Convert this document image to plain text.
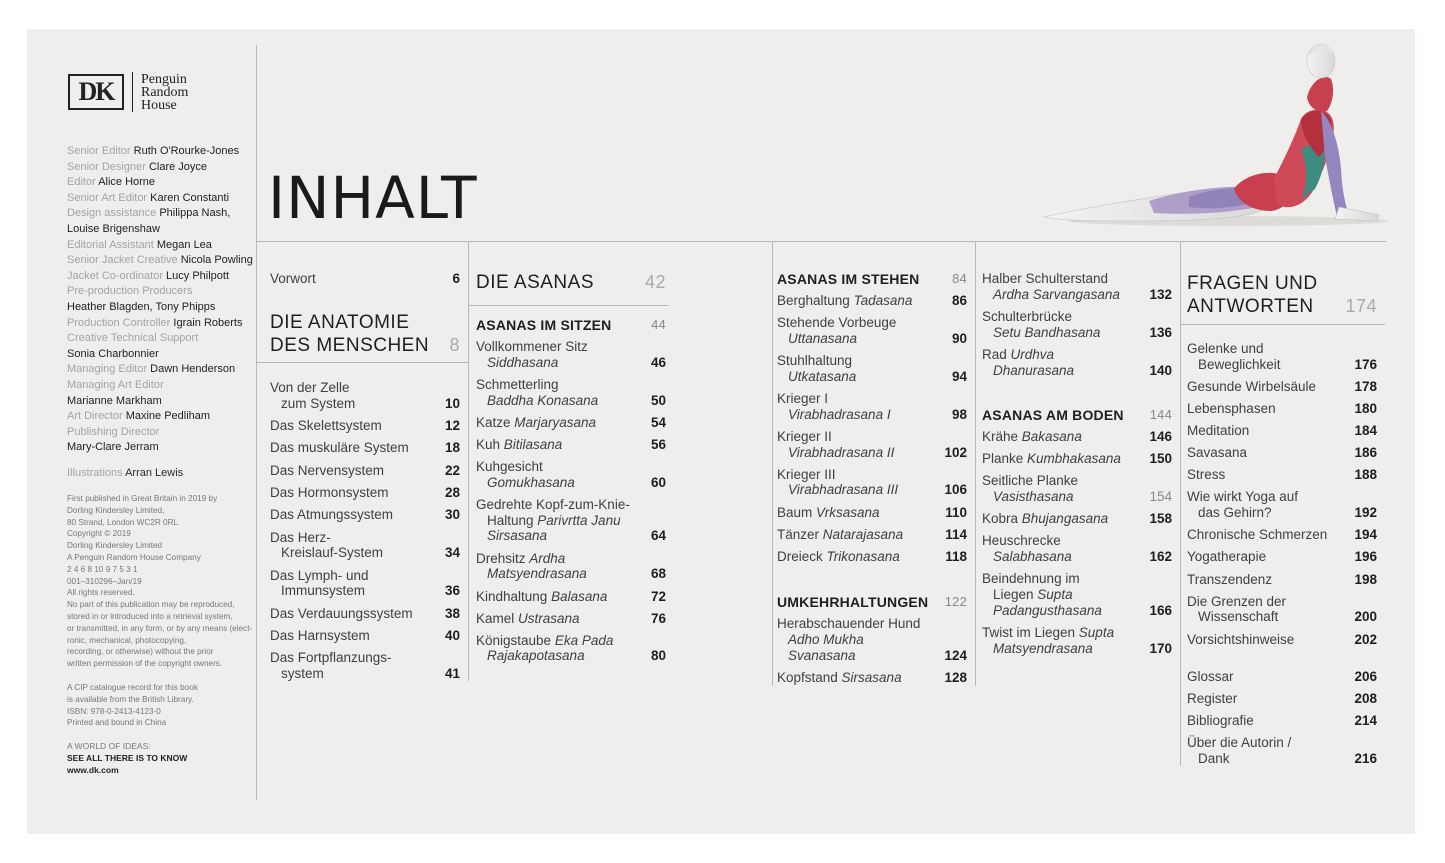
DK	Penguin
Random
House
Senior Editor Ruth O'Rourke-Jones
Senior Designer Clare Joyce
Editor Alice Horne
Senior Art Editor Karen Constanti
Design assistance Philippa Nash,
Louise Brigenshaw
Editorial Assistant Megan Lea
Senior Jacket Creative Nicola Powling
Jacket Co-ordinator Lucy Philpott
Pre-production Producers
Heather Blagden, Tony Phipps
Production Controller Igrain Roberts
Creative Technical Support
Sonia Charbonnier
Managing Editor Dawn Henderson
Managing Art Editor
Marianne Markham
Art Director Maxine Pedliham
Publishing Director
Mary-Clare Jerram
Illustrations Arran Lewis

First published in Great Britain in 2019 by

Dorling Kindersley Limited,

80 Strand, London WC2R 0RL

Copyright © 2019

Dorling Kindersley Limited

A Penguin Random House Company

2 4 6 8 10 9 7 5 3 1

001–310296–Jan/19

All rights reserved.

No part of this publication may be reproduced,

stored in or introduced into a retrieval system,

or transmitted, in any form, or by any means (elect-

ronic, mechanical, photocopying,

recording, or otherwise) without the prior

written permission of the copyright owners.

A CIP catalogue record for this book

is available from the British Library.

ISBN: 978-0-2413-4123-0

Printed and bound in China

A WORLD OF IDEAS:
SEE ALL THERE IS TO KNOW
www.dk.com
INHALT
Vorwort	6
DIE ANATOMIE
DES MENSCHEN	8
Von der Zelle
zum System	10
Das Skelettsystem	12
Das muskuläre System	18
Das Nervensystem	22
Das Hormonsystem	28
Das Atmungssystem	30
Das Herz-
Kreislauf-System	34
Das Lymph- und
Immunsystem	36
Das Verdauungssystem	38
Das Harnsystem	40
Das Fortpflanzungs-
system	41
DIE ASANAS	42
ASANAS IM SITZEN	44
Vollkommener Sitz
Siddhasana	46
Schmetterling
Baddha Konasana	50
Katze Marjaryasana	54
Kuh Bitilasana	56
Kuhgesicht
Gomukhasana	60
Gedrehte Kopf-zum-Knie-
Haltung Parivrttа Janu
Sirsasana	64
Drehsitz Ardha
Matsyendrasana	68
Kindhaltung Balasana	72
Kamel Ustrasana	76
Königstaube Eka Pada
Rajakapotasana	80
ASANAS IM STEHEN	84
Berghaltung Tadasana	86
Stehende Vorbeuge
Uttanasana	90
Stuhlhaltung
Utkatasana	94
Krieger I
Virabhadrasana I	98
Krieger II
Virabhadrasana II	102
Krieger III
Virabhadrasana III	106
Baum Vrksasana	110
Tänzer Natarajasana	114
Dreieck Trikonasana	118
UMKEHRHALTUNGEN 122
Herabschauender Hund
Adho Mukha
Svanasana	124
Kopfstand Sirsasana	128
Halber Schulterstand
Ardha Sarvangasana	132
Schulterbrücke
Setu Bandhasana	136
Rad Urdhva
Dhanurasana	140
ASANAS AM BODEN 144
Krähe Bakasana	146
Planke Kumbhakasana	150
Seitliche Planke
Vasisthasana	154
Kobra Bhujangasana	158
Heuschrecke
Salabhasana	162
Beindehnung im
Liegen Supta
Padangusthasana	166
Twist im Liegen Supta
Matsyendrasana	170
FRAGEN UND
ANTWORTEN	174
Gelenke und
Beweglichkeit	176
Gesunde Wirbelsäule	178
Lebensphasen	180
Meditation	184
Savasana	186
Stress	188
Wie wirkt Yoga auf
das Gehirn?	192
Chronische Schmerzen	194
Yogatherapie	196
Transzendenz	198
Die Grenzen der
Wissenschaft	200
Vorsichtshinweise	202
Glossar	206
Register	208
Bibliografie	214
Über die Autorin /
Dank	216
